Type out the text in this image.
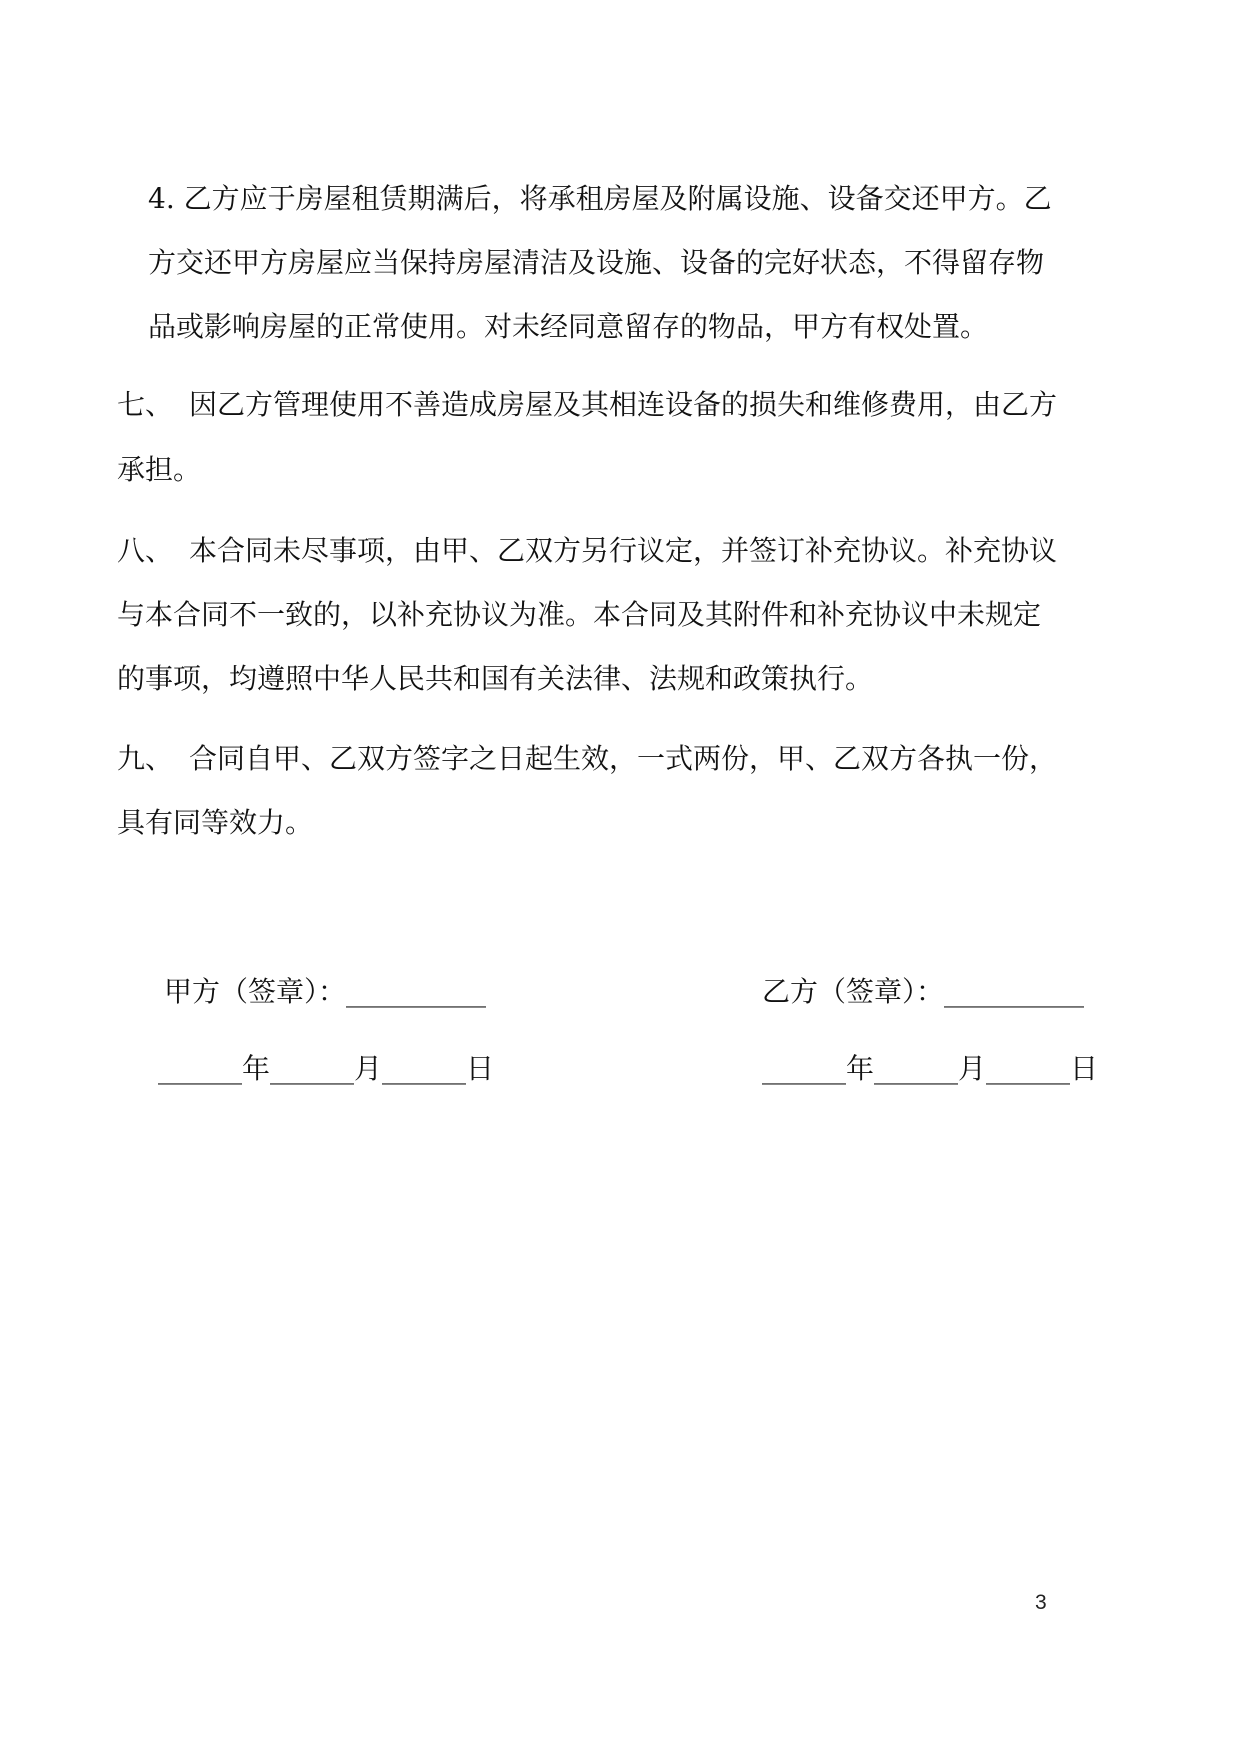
4. 乙方应于房屋租赁期满后，将承租房屋及附属设施、设备交还甲方。乙
方交还甲方房屋应当保持房屋清洁及设施、设备的完好状态，不得留存物
品或影响房屋的正常使用。对未经同意留存的物品，甲方有权处置。
七、 因乙方管理使用不善造成房屋及其相连设备的损失和维修费用，由乙方
承担。
八、 本合同未尽事项，由甲、乙双方另行议定，并签订补充协议。补充协议
与本合同不一致的，以补充协议为准。本合同及其附件和补充协议中未规定
的事项，均遵照中华人民共和国有关法律、法规和政策执行。
九、 合同自甲、乙双方签字之日起生效，一式两份，甲、乙双方各执一份，
具有同等效力。
甲方（签章）：__________	乙方（签章）：__________
______年______月______日	______年______月______日
3
